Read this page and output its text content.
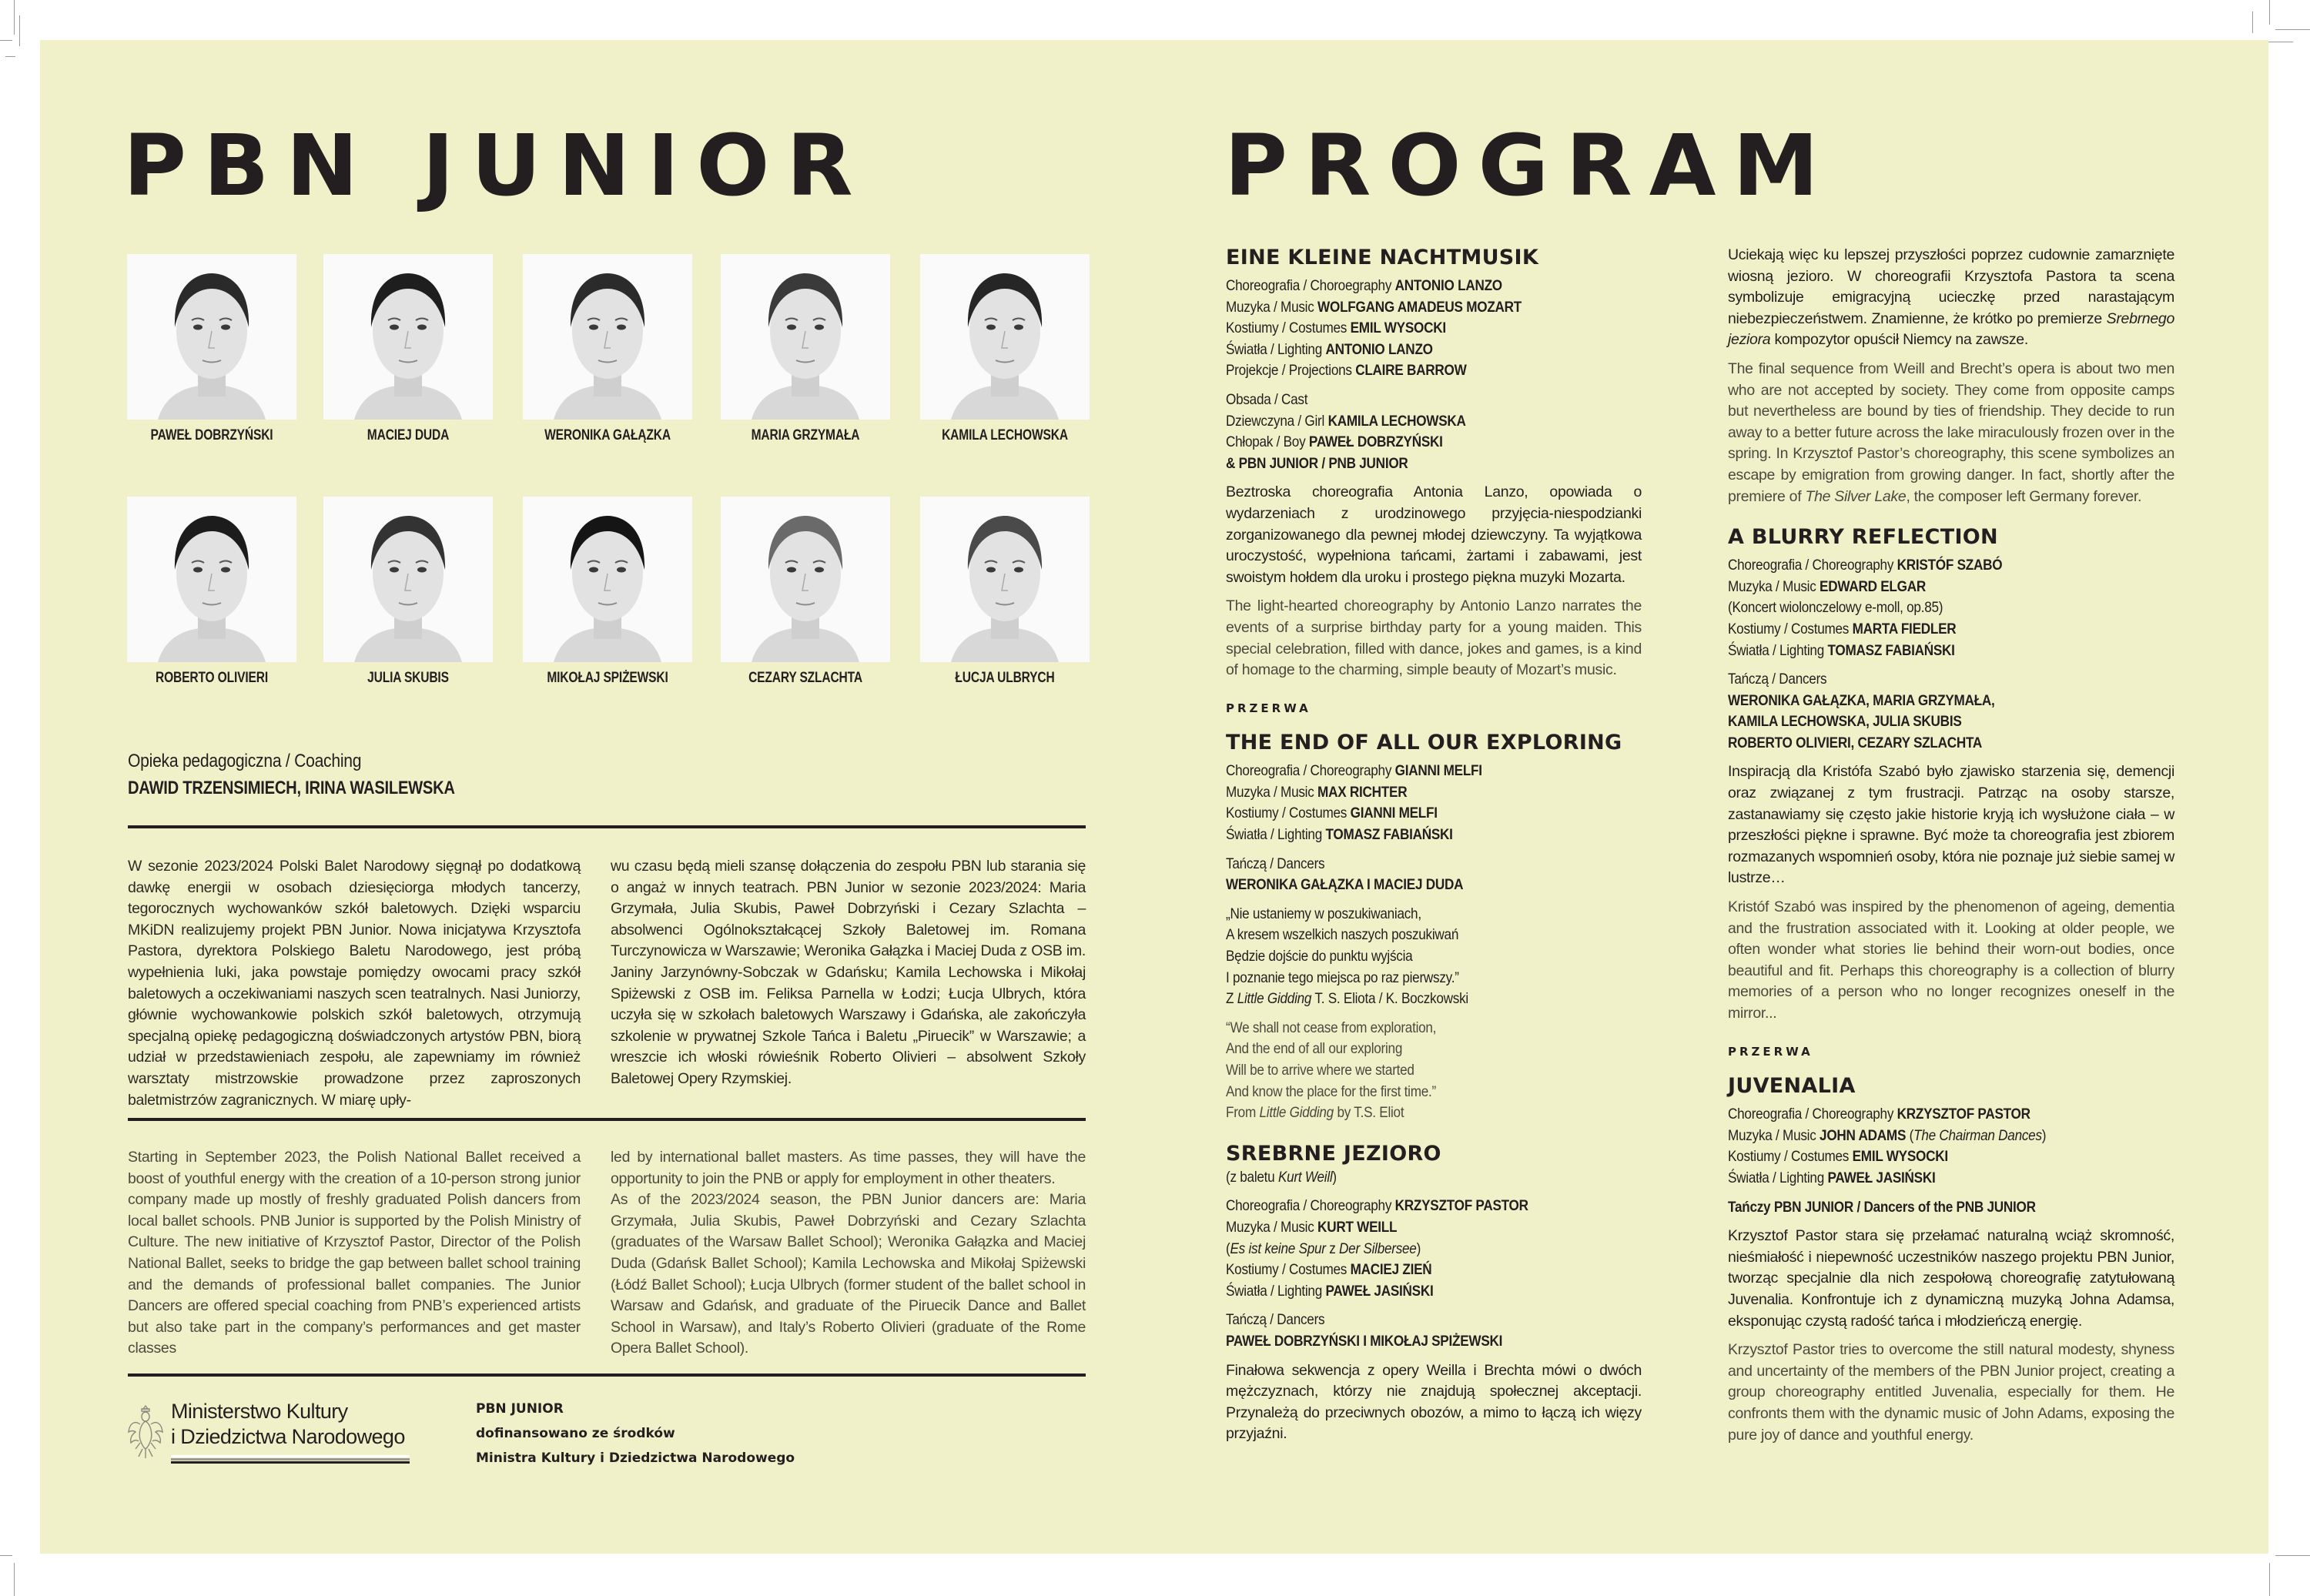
PBN JUNIOR
PAWEŁ DOBRZYŃSKI	MACIEJ DUDA	WERONIKA GAŁĄZKA	MARIA GRZYMAŁA	KAMILA LECHOWSKA
ROBERTO OLIVIERI	JULIA SKUBIS	MIKOŁAJ SPIŻEWSKI	CEZARY SZLACHTA	ŁUCJA ULBRYCH
Opieka pedagogiczna / Coaching
DAWID TRZENSIMIECH, IRINA WASILEWSKA

W sezonie 2023/2024 Polski Balet Narodowy sięgnął po dodatkową dawkę energii w osobach dziesięciorga młodych tancerzy, tegorocznych wychowanków szkół baletowych. Dzięki wsparciu MKiDN realizujemy projekt PBN Junior. Nowa inicjatywa Krzysztofa Pastora, dyrektora Polskiego Baletu Narodowego, jest próbą wypełnienia luki, jaka powstaje pomiędzy owocami pracy szkół baletowych a oczekiwaniami naszych scen teatralnych. Nasi Juniorzy, głównie wychowankowie polskich szkół baletowych, otrzymują specjalną opiekę pedagogiczną doświadczonych artystów PBN, biorą udział w przedstawieniach zespołu, ale zapewniamy im również warsztaty mistrzowskie prowadzone przez zaproszonych baletmistrzów zagranicznych. W miarę upły-

wu czasu będą mieli szansę dołączenia do zespołu PBN lub starania się o angaż w innych teatrach. PBN Junior w sezonie 2023/2024: Maria Grzymała, Julia Skubis, Paweł Dobrzyński i Cezary Szlachta – absolwenci Ogólnokształcącej Szkoły Baletowej im. Romana Turczynowicza w Warszawie; Weronika Gałązka i Maciej Duda z OSB im. Janiny Jarzynówny-Sobczak w Gdańsku; Kamila Lechowska i Mikołaj Spiżewski z OSB im. Feliksa Parnella w Łodzi; Łucja Ulbrych, która uczyła się w szkołach baletowych Warszawy i Gdańska, ale zakończyła szkolenie w prywatnej Szkole Tańca i Baletu „Piruecik” w Warszawie; a wreszcie ich włoski rówieśnik Roberto Olivieri – absolwent Szkoły Baletowej Opery Rzymskiej.

Starting in September 2023, the Polish National Ballet received a boost of youthful energy with the creation of a 10-person strong junior company made up mostly of freshly graduated Polish dancers from local ballet schools. PNB Junior is supported by the Polish Ministry of Culture. The new initiative of Krzysztof Pastor, Director of the Polish National Ballet, seeks to bridge the gap between ballet school training and the demands of professional ballet companies. The Junior Dancers are offered special coaching from PNB’s experienced artists but also take part in the company’s performances and get master classes

led by international ballet masters. As time passes, they will have the opportunity to join the PNB or apply for employment in other theaters.

As of the 2023/2024 season, the PBN Junior dancers are: Maria Grzymała, Julia Skubis, Paweł Dobrzyński and Cezary Szlachta (graduates of the Warsaw Ballet School); Weronika Gałązka and Maciej Duda (Gdańsk Ballet School); Kamila Lechowska and Mikołaj Spiżewski (Łódź Ballet School); Łucja Ulbrych (former student of the ballet school in Warsaw and Gdańsk, and graduate of the Piruecik Dance and Ballet School in Warsaw), and Italy’s Roberto Olivieri (graduate of the Rome Opera Ballet School).

Ministerstwo Kultury
i Dziedzictwa Narodowego
PBN JUNIOR
dofinansowano ze środków
Ministra Kultury i Dziedzictwa Narodowego
PROGRAM
EINE KLEINE NACHTMUSIK
Choreografia / Choroegraphy ANTONIO LANZO
Muzyka / Music WOLFGANG AMADEUS MOZART
Kostiumy / Costumes EMIL WYSOCKI
Światła / Lighting ANTONIO LANZO
Projekcje / Projections CLAIRE BARROW
Obsada / Cast
Dziewczyna / Girl KAMILA LECHOWSKA
Chłopak / Boy PAWEŁ DOBRZYŃSKI
& PBN JUNIOR / PNB JUNIOR
Beztroska choreografia Antonia Lanzo, opowiada o wydarzeniach z urodzinowego przyjęcia-niespodzianki zorganizowanego dla pewnej młodej dziewczyny. Ta wyjątkowa uroczystość, wypełniona tańcami, żartami i zabawami, jest swoistym hołdem dla uroku i prostego piękna muzyki Mozarta.
The light-hearted choreography by Antonio Lanzo narrates the events of a surprise birthday party for a young maiden. This special celebration, filled with dance, jokes and games, is a kind of homage to the charming, simple beauty of Mozart’s music.
PRZERWA
THE END OF ALL OUR EXPLORING
Choreografia / Choreography GIANNI MELFI
Muzyka / Music MAX RICHTER
Kostiumy / Costumes GIANNI MELFI
Światła / Lighting TOMASZ FABIAŃSKI
Tańczą / Dancers
WERONIKA GAŁĄZKA I MACIEJ DUDA
„Nie ustaniemy w poszukiwaniach,
A kresem wszelkich naszych poszukiwań
Będzie dojście do punktu wyjścia
I poznanie tego miejsca po raz pierwszy.”
Z Little Gidding T. S. Eliota / K. Boczkowski
“We shall not cease from exploration,
And the end of all our exploring
Will be to arrive where we started
And know the place for the first time.”
From Little Gidding by T.S. Eliot
SREBRNE JEZIORO
(z baletu Kurt Weill)
Choreografia / Choreography KRZYSZTOF PASTOR
Muzyka / Music KURT WEILL
(Es ist keine Spur z Der Silbersee)
Kostiumy / Costumes MACIEJ ZIEŃ
Światła / Lighting PAWEŁ JASIŃSKI
Tańczą / Dancers
PAWEŁ DOBRZYŃSKI I MIKOŁAJ SPIŻEWSKI
Finałowa sekwencja z opery Weilla i Brechta mówi o dwóch mężczyznach, którzy nie znajdują społecznej akceptacji. Przynależą do przeciwnych obozów, a mimo to łączą ich więzy przyjaźni.
Uciekają więc ku lepszej przyszłości poprzez cudownie zamarznięte wiosną jezioro. W choreografii Krzysztofa Pastora ta scena symbolizuje emigracyjną ucieczkę przed narastającym niebezpieczeństwem. Znamienne, że krótko po premierze Srebrnego jeziora kompozytor opuścił Niemcy na zawsze.
The final sequence from Weill and Brecht’s opera is about two men who are not accepted by society. They come from opposite camps but nevertheless are bound by ties of friendship. They decide to run away to a better future across the lake miraculously frozen over in the spring. In Krzysztof Pastor’s choreography, this scene symbolizes an escape by emigration from growing danger. In fact, shortly after the premiere of The Silver Lake, the composer left Germany forever.
A BLURRY REFLECTION
Choreografia / Choreography KRISTÓF SZABÓ
Muzyka / Music EDWARD ELGAR
(Koncert wiolonczelowy e-moll, op.85)
Kostiumy / Costumes MARTA FIEDLER
Światła / Lighting TOMASZ FABIAŃSKI
Tańczą / Dancers
WERONIKA GAŁĄZKA, MARIA GRZYMAŁA,
KAMILA LECHOWSKA, JULIA SKUBIS
ROBERTO OLIVIERI, CEZARY SZLACHTA
Inspiracją dla Kristófa Szabó było zjawisko starzenia się, demencji oraz związanej z tym frustracji. Patrząc na osoby starsze, zastanawiamy się często jakie historie kryją ich wysłużone ciała – w przeszłości piękne i sprawne. Być może ta choreografia jest zbiorem rozmazanych wspomnień osoby, która nie poznaje już siebie samej w lustrze…
Kristóf Szabó was inspired by the phenomenon of ageing, dementia and the frustration associated with it. Looking at older people, we often wonder what stories lie behind their worn-out bodies, once beautiful and fit. Perhaps this choreography is a collection of blurry memories of a person who no longer recognizes oneself in the mirror...
PRZERWA
JUVENALIA
Choreografia / Choreography KRZYSZTOF PASTOR
Muzyka / Music JOHN ADAMS (The Chairman Dances)
Kostiumy / Costumes EMIL WYSOCKI
Światła / Lighting PAWEŁ JASIŃSKI
Tańczy PBN JUNIOR / Dancers of the PNB JUNIOR
Krzysztof Pastor stara się przełamać naturalną wciąż skromność, nieśmiałość i niepewność uczestników naszego projektu PBN Junior, tworząc specjalnie dla nich zespołową choreografię zatytułowaną Juvenalia. Konfrontuje ich z dynamiczną muzyką Johna Adamsa, eksponując czystą radość tańca i młodzieńczą energię.
Krzysztof Pastor tries to overcome the still natural modesty, shyness and uncertainty of the members of the PBN Junior project, creating a group choreography entitled Juvenalia, especially for them. He confronts them with the dynamic music of John Adams, exposing the pure joy of dance and youthful energy.
